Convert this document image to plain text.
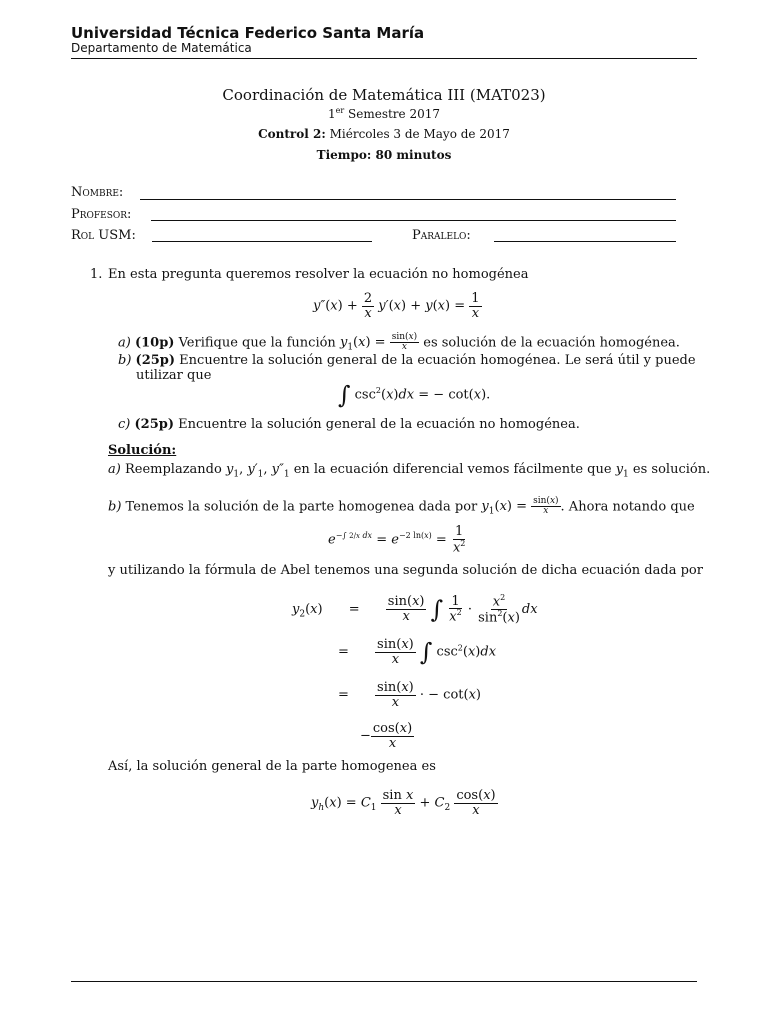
Universidad Técnica Federico Santa María
Departamento de Matemática
Coordinación de Matemática III (MAT023)
1er Semestre 2017
Control 2: Miércoles 3 de Mayo de 2017
Tiempo: 80 minutos
Nombre:
Profesor:
Rol USM:	Paralelo:
1. En esta pregunta queremos resolver la ecuación no homogénea
$y''(x) + \frac{2}{x} y'(x) + y(x) = \frac{1}{x}$
a) (10p) Verifique que la función $y_1(x) = \frac{\sin(x)}{x}$ es solución de la ecuación homogénea.
b) (25p) Encuentre la solución general de la ecuación homogénea. Le será útil y puede
utilizar que
∫ $\csc^2(x)dx$ = − cot(x).
c) (25p) Encuentre la solución general de la ecuación no homogénea.
Solución:
a) Reemplazando $y_1$, $y'_1$, $y''_1$ en la ecuación diferencial vemos fácilmente que $y_1$ es solución.
b) Tenemos la solución de la parte homogenea dada por $y_1(x) = \frac{\sin(x)}{x}$ . Ahora notando que
$e^{-\int 2/x dx} = e^{-2 ln(x)} = \frac{1}{x^2}$
y utilizando la fórmula de Abel tenemos una segunda solución de dicha ecuación dada por
$y_2(x) = \frac{\sin(x)}{x}$ ∫ $\frac{1}{x^2} \cdot \frac{x^2}{\sin^2(x)}$ dx
= $\frac{\sin(x)}{x}$ ∫ $\csc^2(x)dx$
= $\frac{\sin(x)}{x}$ · − cot(x)
− $\frac{\cos(x)}{x}$
Así, la solución general de la parte homogenea es
$y_h(x) = C_1 \frac{\text{sin x}}{x} + C_2 \frac{\cos(x)}{x}$
